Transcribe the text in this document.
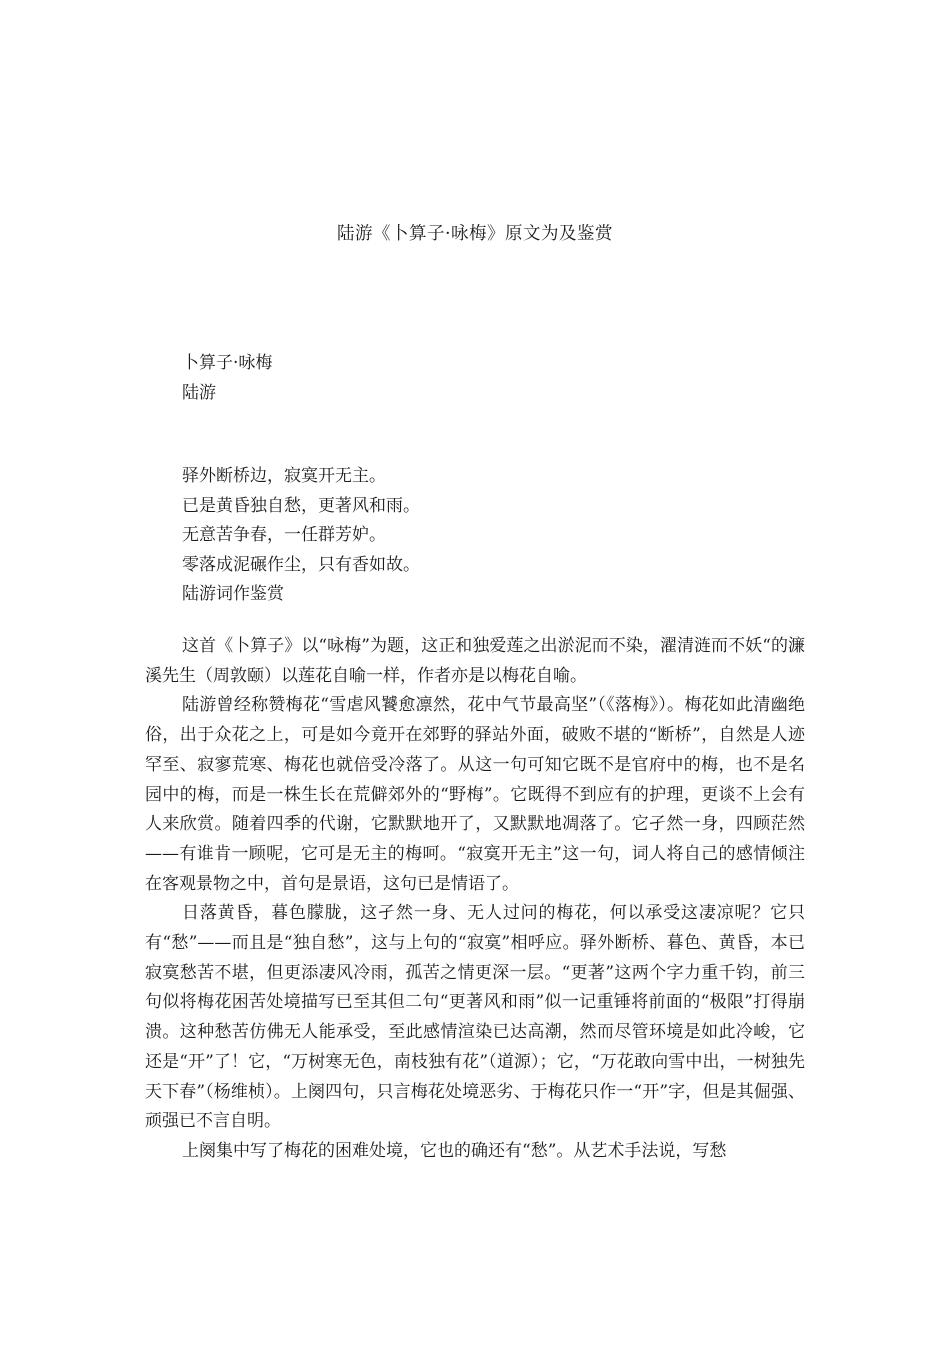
陆游《卜算子·咏梅》原文为及鉴赏
卜算子·咏梅
陆游
驿外断桥边，寂寞开无主。
已是黄昏独自愁，更著风和雨。
无意苦争春，一任群芳妒。
零落成泥碾作尘，只有香如故。
陆游词作鉴赏

这首《卜算子》以“咏梅”为题，这正和独爱莲之出淤泥而不染，濯清涟而不妖“的濂溪先生（周敦颐）以莲花自喻一样，作者亦是以梅花自喻。

陆游曾经称赞梅花“雪虐风饕愈凛然，花中气节最高坚”（《落梅》）。梅花如此清幽绝俗，出于众花之上，可是如今竟开在郊野的驿站外面，破败不堪的“断桥”，自然是人迹罕至、寂寥荒寒、梅花也就倍受冷落了。从这一句可知它既不是官府中的梅，也不是名园中的梅，而是一株生长在荒僻郊外的“野梅”。它既得不到应有的护理，更谈不上会有人来欣赏。随着四季的代谢，它默默地开了，又默默地凋落了。它孑然一身，四顾茫然——有谁肯一顾呢，它可是无主的梅呵。“寂寞开无主”这一句，词人将自己的感情倾注在客观景物之中，首句是景语，这句已是情语了。

日落黄昏，暮色朦胧，这孑然一身、无人过问的梅花，何以承受这凄凉呢？它只有“愁”——而且是“独自愁”，这与上句的“寂寞”相呼应。驿外断桥、暮色、黄昏，本已寂寞愁苦不堪，但更添凄风冷雨，孤苦之情更深一层。“更著”这两个字力重千钧，前三句似将梅花困苦处境描写已至其但二句“更著风和雨”似一记重锤将前面的“极限”打得崩溃。这种愁苦仿佛无人能承受，至此感情渲染已达高潮，然而尽管环境是如此冷峻，它还是“开”了！它，“万树寒无色，南枝独有花”（道源）；它，“万花敢向雪中出，一树独先天下春”（杨维桢）。上阕四句，只言梅花处境恶劣、于梅花只作一“开”字，但是其倔强、顽强已不言自明。

上阕集中写了梅花的困难处境，它也的确还有“愁”。从艺术手法说，写愁
